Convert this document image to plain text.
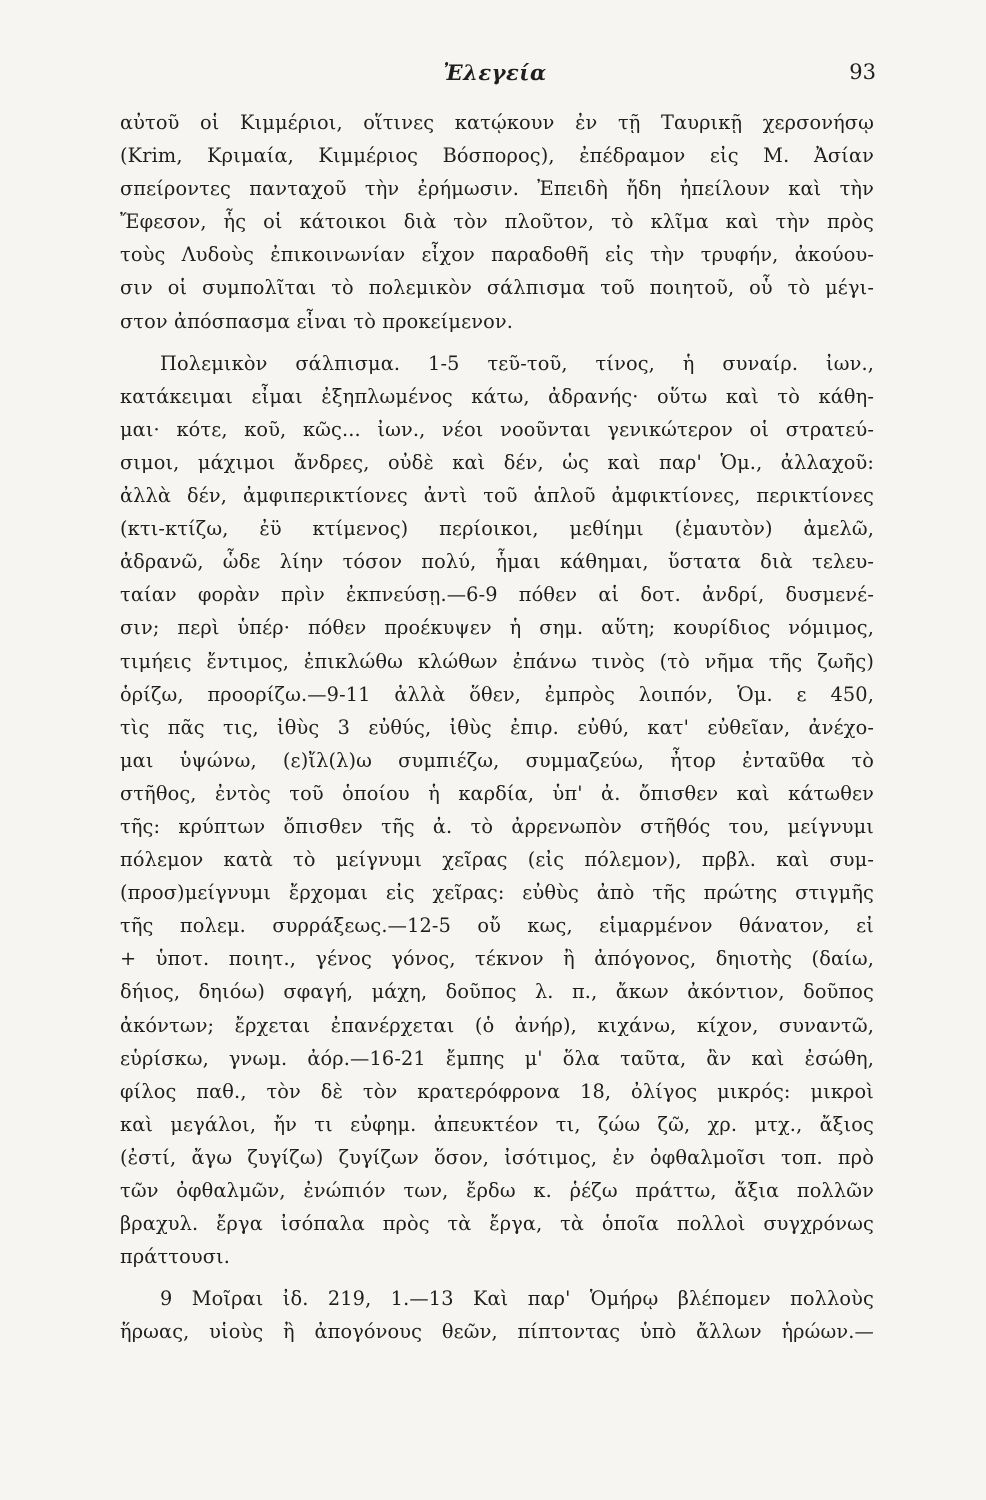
Ἐλεγεία	93
αὐτοῦ οἱ Κιμμέριοι, οἵτινες κατῴκουν ἐν τῇ Ταυρικῇ χερσονήσῳ
(Krim, Κριμαία, Κιμμέριος Βόσπορος), ἐπέδραμον εἰς Μ. Ἀσίαν
σπείροντες πανταχοῦ τὴν ἐρήμωσιν. Ἐπειδὴ ἤδη ἠπείλουν καὶ τὴν
Ἔφεσον, ἧς οἱ κάτοικοι διὰ τὸν πλοῦτον, τὸ κλῖμα καὶ τὴν πρὸς
τοὺς Λυδοὺς ἐπικοινωνίαν εἶχον παραδοθῆ εἰς τὴν τρυφήν, ἀκούου-
σιν οἱ συμπολῖται τὸ πολεμικὸν σάλπισμα τοῦ ποιητοῦ, οὗ τὸ μέγι-
στον ἀπόσπασμα εἶναι τὸ προκείμενον.
Πολεμικὸν σάλπισμα. 1-5 τεῦ-τοῦ, τίνος, ἡ συναίρ. ἰων.,
κατάκειμαι εἶμαι ἐξηπλωμένος κάτω, ἀδρανής· οὕτω καὶ τὸ κάθη-
μαι· κότε, κοῦ, κῶς... ἰων., νέοι νοοῦνται γενικώτερον οἱ στρατεύ-
σιμοι, μάχιμοι ἄνδρες, οὐδὲ καὶ δέν, ὡς καὶ παρ' Ὁμ., ἀλλαχοῦ:
ἀλλὰ δέν, ἀμφιπερικτίονες ἀντὶ τοῦ ἁπλοῦ ἀμφικτίονες, περικτίονες
(κτι-κτίζω, ἐϋ κτίμενος) περίοικοι, μεθίημι (ἐμαυτὸν) ἀμελῶ,
ἀδρανῶ, ὧδε λίην τόσον πολύ, ἧμαι κάθημαι, ὕστατα διὰ τελευ-
ταίαν φορὰν πρὶν ἐκπνεύσῃ.—6-9 πόθεν αἱ δοτ. ἀνδρί, δυσμενέ-
σιν; περὶ ὑπέρ· πόθεν προέκυψεν ἡ σημ. αὕτη; κουρίδιος νόμιμος,
τιμήεις ἔντιμος, ἐπικλώθω κλώθων ἐπάνω τινὸς (τὸ νῆμα τῆς ζωῆς)
ὁρίζω, προορίζω.—9-11 ἀλλὰ ὅθεν, ἐμπρὸς λοιπόν, Ὁμ. ε 450,
τὶς πᾶς τις, ἰθὺς 3 εὐθύς, ἰθὺς ἐπιρ. εὐθύ, κατ' εὐθεῖαν, ἀνέχο-
μαι ὑψώνω, (ε)ἴλ(λ)ω συμπιέζω, συμμαζεύω, ἦτορ ἐνταῦθα τὸ
στῆθος, ἐντὸς τοῦ ὁποίου ἡ καρδία, ὑπ' ἀ. ὄπισθεν καὶ κάτωθεν
τῆς: κρύπτων ὄπισθεν τῆς ἀ. τὸ ἀρρενωπὸν στῆθός του, μείγνυμι
πόλεμον κατὰ τὸ μείγνυμι χεῖρας (εἰς πόλεμον), πρβλ. καὶ συμ-
(προσ)μείγνυμι ἔρχομαι εἰς χεῖρας: εὐθὺς ἀπὸ τῆς πρώτης στιγμῆς
τῆς πολεμ. συρράξεως.—12-5 οὔ κως, εἱμαρμένον θάνατον, εἰ
+ ὑποτ. ποιητ., γένος γόνος, τέκνον ἢ ἀπόγονος, δηιοτὴς (δαίω,
δήιος, δηιόω) σφαγή, μάχη, δοῦπος λ. π., ἄκων ἀκόντιον, δοῦπος
ἀκόντων; ἔρχεται ἐπανέρχεται (ὁ ἀνήρ), κιχάνω, κίχον, συναντῶ,
εὑρίσκω, γνωμ. ἀόρ.—16-21 ἔμπης μ' ὅλα ταῦτα, ἂν καὶ ἐσώθη,
φίλος παθ., τὸν δὲ τὸν κρατερόφρονα 18, ὀλίγος μικρός: μικροὶ
καὶ μεγάλοι, ἤν τι εὐφημ. ἀπευκτέον τι, ζώω ζῶ, χρ. μτχ., ἄξιος
(ἐστί, ἄγω ζυγίζω) ζυγίζων ὅσον, ἰσότιμος, ἐν ὀφθαλμοῖσι τοπ. πρὸ
τῶν ὀφθαλμῶν, ἐνώπιόν των, ἔρδω κ. ῥέζω πράττω, ἄξια πολλῶν
βραχυλ. ἔργα ἰσόπαλα πρὸς τὰ ἔργα, τὰ ὁποῖα πολλοὶ συγχρόνως
πράττουσι.
9 Μοῖραι ἰδ. 219, 1.—13 Καὶ παρ' Ὁμήρῳ βλέπομεν πολλοὺς
ἥρωας, υἱοὺς ἢ ἀπογόνους θεῶν, πίπτοντας ὑπὸ ἄλλων ἡρώων.—
